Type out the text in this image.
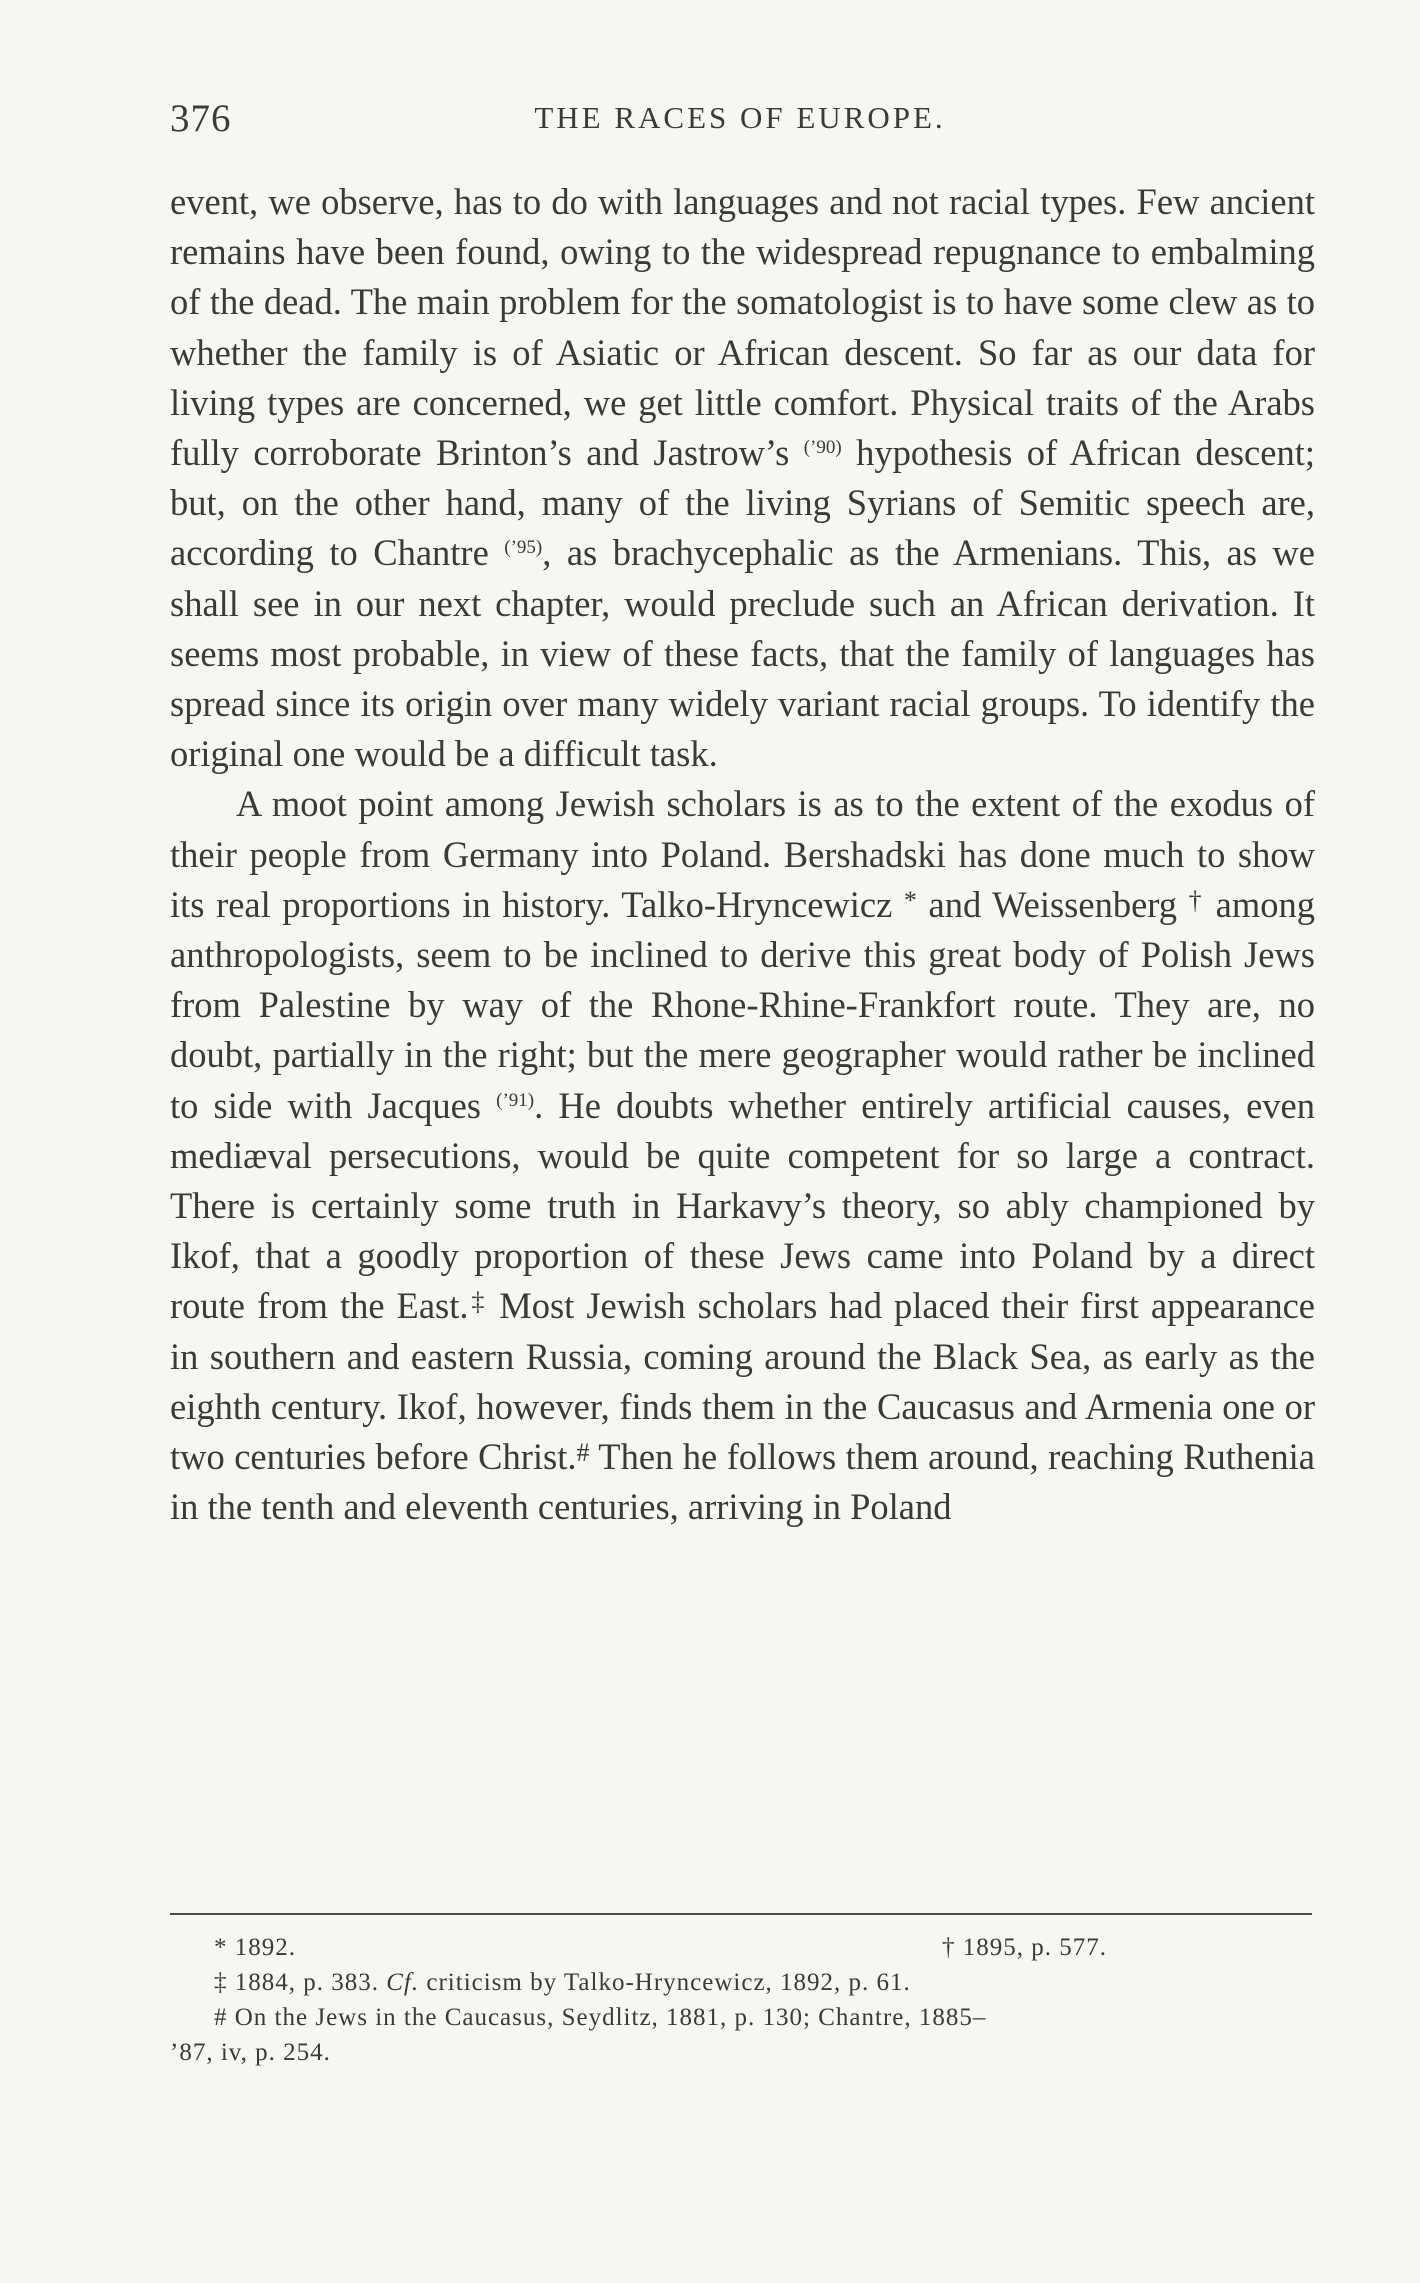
376	THE RACES OF EUROPE.

event, we observe, has to do with languages and not racial types. Few ancient remains have been found, owing to the widespread repugnance to embalming of the dead. The main problem for the somatologist is to have some clew as to whether the family is of Asiatic or African descent. So far as our data for living types are concerned, we get little comfort. Physical traits of the Arabs fully corroborate Brinton’s and Jastrow’s $^{(’90)}$ hypothesis of African descent; but, on the other hand, many of the living Syrians of Semitic speech are, according to Chantre $^{(’95)}$, as brachycephalic as the Armenians. This, as we shall see in our next chapter, would preclude such an African derivation. It seems most probable, in view of these facts, that the family of languages has spread since its origin over many widely variant racial groups. To identify the original one would be a difficult task.

A moot point among Jewish scholars is as to the extent of the exodus of their people from Germany into Poland. Bershadski has done much to show its real proportions in history. Talko-Hryncewicz * and Weissenberg † among anthropologists, seem to be inclined to derive this great body of Polish Jews from Palestine by way of the Rhone-Rhine-Frankfort route. They are, no doubt, partially in the right; but the mere geographer would rather be inclined to side with Jacques $^{(’91)}$. He doubts whether entirely artificial causes, even mediæval persecutions, would be quite competent for so large a contract. There is certainly some truth in Harkavy’s theory, so ably championed by Ikof, that a goodly proportion of these Jews came into Poland by a direct route from the East.‡ Most Jewish scholars had placed their first appearance in southern and eastern Russia, coming around the Black Sea, as early as the eighth century. Ikof, however, finds them in the Caucasus and Armenia one or two centuries before Christ.# Then he follows them around, reaching Ruthenia in the tenth and eleventh centuries, arriving in Poland

* 1892.	† 1895, p. 577.
‡ 1884, p. 383. Cf. criticism by Talko-Hryncewicz, 1892, p. 61.
# On the Jews in the Caucasus, Seydlitz, 1881, p. 130; Chantre, 1885–
’87, iv, p. 254.
